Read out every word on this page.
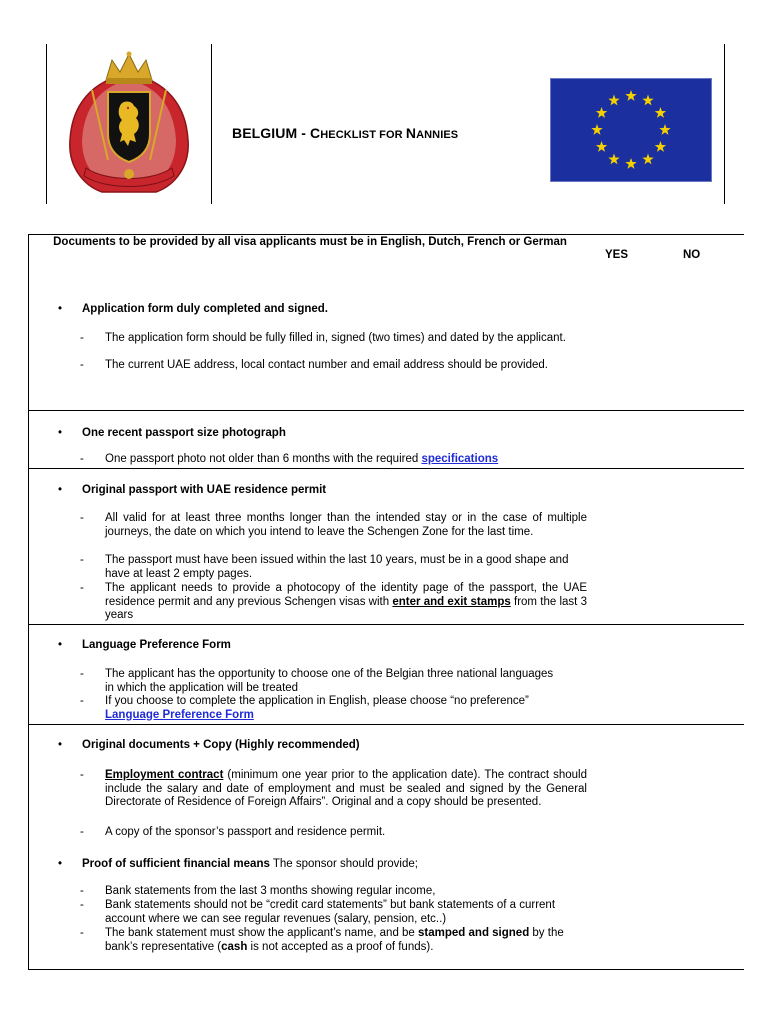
BELGIUM - CHECKLIST FOR NANNIES
Documents to be provided by all visa applicants must be in English, Dutch, French or German
YES	NO
• Application form duly completed and signed.
- The application form should be fully filled in, signed (two times) and dated by the applicant.
- The current UAE address, local contact number and email address should be provided.
• One recent passport size photograph
- One passport photo not older than 6 months with the required specifications
• Original passport with UAE residence permit
- All valid for at least three months longer than the intended stay or in the case of multiple journeys, the date on which you intend to leave the Schengen Zone for the last time.
- The passport must have been issued within the last 10 years, must be in a good shape and have at least 2 empty pages.
- The applicant needs to provide a photocopy of the identity page of the passport, the UAE residence permit and any previous Schengen visas with enter and exit stamps from the last 3 years
• Language Preference Form
- The applicant has the opportunity to choose one of the Belgian three national languages in which the application will be treated
- If you choose to complete the application in English, please choose “no preference”
Language Preference Form
• Original documents + Copy (Highly recommended)
- Employment contract (minimum one year prior to the application date). The contract should include the salary and date of employment and must be sealed and signed by the General Directorate of Residence of Foreign Affairs”. Original and a copy should be presented.
- A copy of the sponsor’s passport and residence permit.
• Proof of sufficient financial means The sponsor should provide;
- Bank statements from the last 3 months showing regular income,
- Bank statements should not be “credit card statements” but bank statements of a current account where we can see regular revenues (salary, pension, etc..)
- The bank statement must show the applicant’s name, and be stamped and signed by the bank’s representative (cash is not accepted as a proof of funds).
